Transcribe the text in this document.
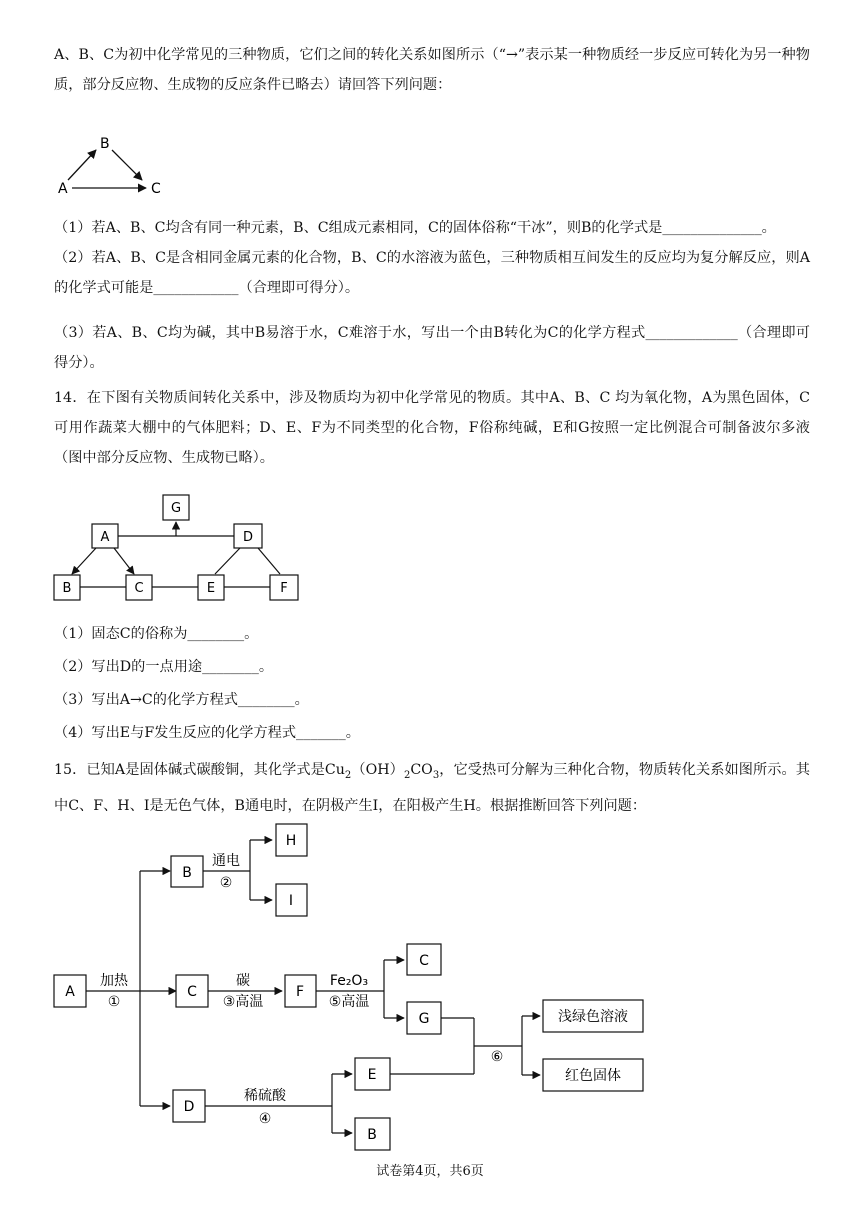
A、B、C为初中化学常见的三种物质，它们之间的转化关系如图所示（“→”表示某一种物质经一步反应可转化为另一种物质，部分反应物、生成物的反应条件已略去）请回答下列问题：
A
B
C
G
A	D
B	C	E	F
A
B
H
I
C	F
C
G
D
E
B
浅绿色溶液
红色固体
加热
①
通电
②
碳
③高温
Fe₂O₃
⑤高温
稀硫酸
④
⑥
（1）若A、B、C均含有同一种元素，B、C组成元素相同，C的固体俗称“干冰”，则B的化学式是______________。
（2）若A、B、C是含相同金属元素的化合物，B、C的水溶液为蓝色，三种物质相互间发生的反应均为复分解反应，则A的化学式可能是____________（合理即可得分）。
（3）若A、B、C均为碱，其中B易溶于水，C难溶于水，写出一个由B转化为C的化学方程式_____________（合理即可得分）。
14．在下图有关物质间转化关系中，涉及物质均为初中化学常见的物质。其中A、B、C 均为氧化物，A为黑色固体，C可用作蔬菜大棚中的气体肥料；D、E、F为不同类型的化合物，F俗称纯碱，E和G按照一定比例混合可制备波尔多液（图中部分反应物、生成物已略）。
（1）固态C的俗称为________。
（2）写出D的一点用途________。
（3）写出A→C的化学方程式________。
（4）写出E与F发生反应的化学方程式_______。
15．已知A是固体碱式碳酸铜，其化学式是$Cu_2(OH)_2CO_3$，它受热可分解为三种化合物，物质转化关系如图所示。其中C、F、H、I是无色气体，B通电时，在阴极产生I，在阳极产生H。根据推断回答下列问题：
试卷第4页，共6页
